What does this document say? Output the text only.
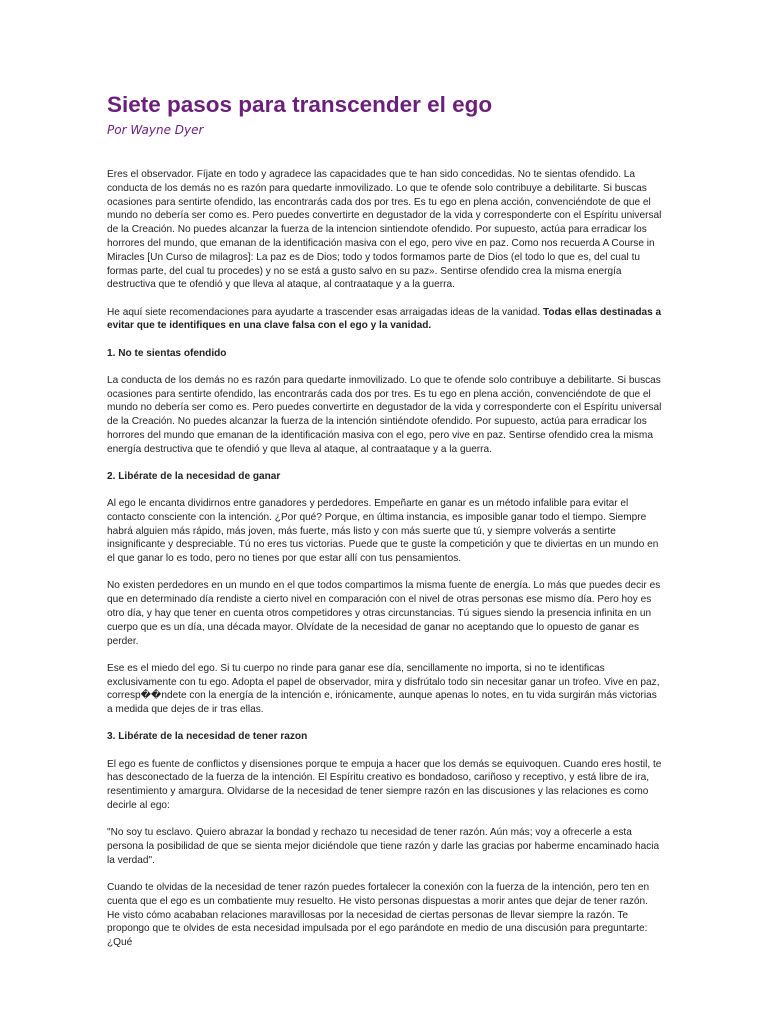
Siete pasos para transcender el ego
Por Wayne Dyer

Eres el observador. Fíjate en todo y agradece las capacidades que te han sido concedidas. No te sientas ofendido. La conducta de los demás no es razón para quedarte inmovilizado. Lo que te ofende solo contribuye a debilitarte. Si buscas ocasiones para sentirte ofendido, las encontrarás cada dos por tres. Es tu ego en plena acción, convenciéndote de que el mundo no debería ser como es. Pero puedes convertirte en degustador de la vida y corresponderte con el Espíritu universal de la Creación. No puedes alcanzar la fuerza de la intencion sintiendote ofendido. Por supuesto, actúa para erradicar los horrores del mundo, que emanan de la identificación masiva con el ego, pero vive en paz. Como nos recuerda A Course in Miracles [Un Curso de milagros]: La paz es de Dios; todo y todos formamos parte de Dios (el todo lo que es, del cual tu formas parte, del cual tu procedes) y no se está a gusto salvo en su paz». Sentirse ofendido crea la misma energía destructiva que te ofendió y que lleva al ataque, al contraataque y a la guerra.

He aquí siete recomendaciones para ayudarte a trascender esas arraigadas ideas de la vanidad. Todas ellas destinadas a evitar que te identifiques en una clave falsa con el ego y la vanidad.

1. No te sientas ofendido

La conducta de los demás no es razón para quedarte inmovilizado. Lo que te ofende solo contribuye a debilitarte. Si buscas ocasiones para sentirte ofendido, las encontrarás cada dos por tres. Es tu ego en plena acción, convenciéndote de que el mundo no debería ser como es. Pero puedes convertirte en degustador de la vida y corresponderte con el Espíritu universal de la Creación. No puedes alcanzar la fuerza de la intención sintiéndote ofendido. Por supuesto, actúa para erradicar los horrores del mundo que emanan de la identificación masiva con el ego, pero vive en paz. Sentirse ofendido crea la misma energía destructiva que te ofendió y que lleva al ataque, al contraataque y a la guerra.

2. Libérate de la necesidad de ganar

Al ego le encanta dividirnos entre ganadores y perdedores. Empeñarte en ganar es un método infalible para evitar el contacto consciente con la intención. ¿Por qué? Porque, en última instancia, es imposible ganar todo el tiempo. Siempre habrá alguien más rápido, más joven, más fuerte, más listo y con más suerte que tú, y siempre volverás a sentirte insignificante y despreciable. Tú no eres tus victorias. Puede que te guste la competición y que te diviertas en un mundo en el que ganar lo es todo, pero no tienes por que estar allí con tus pensamientos.

No existen perdedores en un mundo en el que todos compartimos la misma fuente de energía. Lo más que puedes decir es que en determinado día rendiste a cierto nivel en comparación con el nivel de otras personas ese mismo día. Pero hoy es otro día, y hay que tener en cuenta otros competidores y otras circunstancias. Tú sigues siendo la presencia infinita en un cuerpo que es un día, una década mayor. Olvídate de la necesidad de ganar no aceptando que lo opuesto de ganar es perder.

Ese es el miedo del ego. Si tu cuerpo no rinde para ganar ese día, sencillamente no importa, si no te identificas exclusivamente con tu ego. Adopta el papel de observador, mira y disfrútalo todo sin necesitar ganar un trofeo. Vive en paz, corresp��ndete con la energía de la intención e, irónicamente, aunque apenas lo notes, en tu vida surgirán más victorias a medida que dejes de ir tras ellas.

3. Libérate de la necesidad de tener razon

El ego es fuente de conflictos y disensiones porque te empuja a hacer que los demás se equivoquen. Cuando eres hostil, te has desconectado de la fuerza de la intención. El Espíritu creativo es bondadoso, cariñoso y receptivo, y está libre de ira, resentimiento y amargura. Olvidarse de la necesidad de tener siempre razón en las discusiones y las relaciones es como decirle al ego:

"No soy tu esclavo. Quiero abrazar la bondad y rechazo tu necesidad de tener razón. Aún más; voy a ofrecerle a esta persona la posibilidad de que se sienta mejor diciéndole que tiene razón y darle las gracias por haberme encaminado hacia la verdad".

Cuando te olvidas de la necesidad de tener razón puedes fortalecer la conexión con la fuerza de la intención, pero ten en cuenta que el ego es un combatiente muy resuelto. He visto personas dispuestas a morir antes que dejar de tener razón. He visto cómo acababan relaciones maravillosas por la necesidad de ciertas personas de llevar siempre la razón. Te propongo que te olvides de esta necesidad impulsada por el ego parándote en medio de una discusión para preguntarte: ¿Qué
